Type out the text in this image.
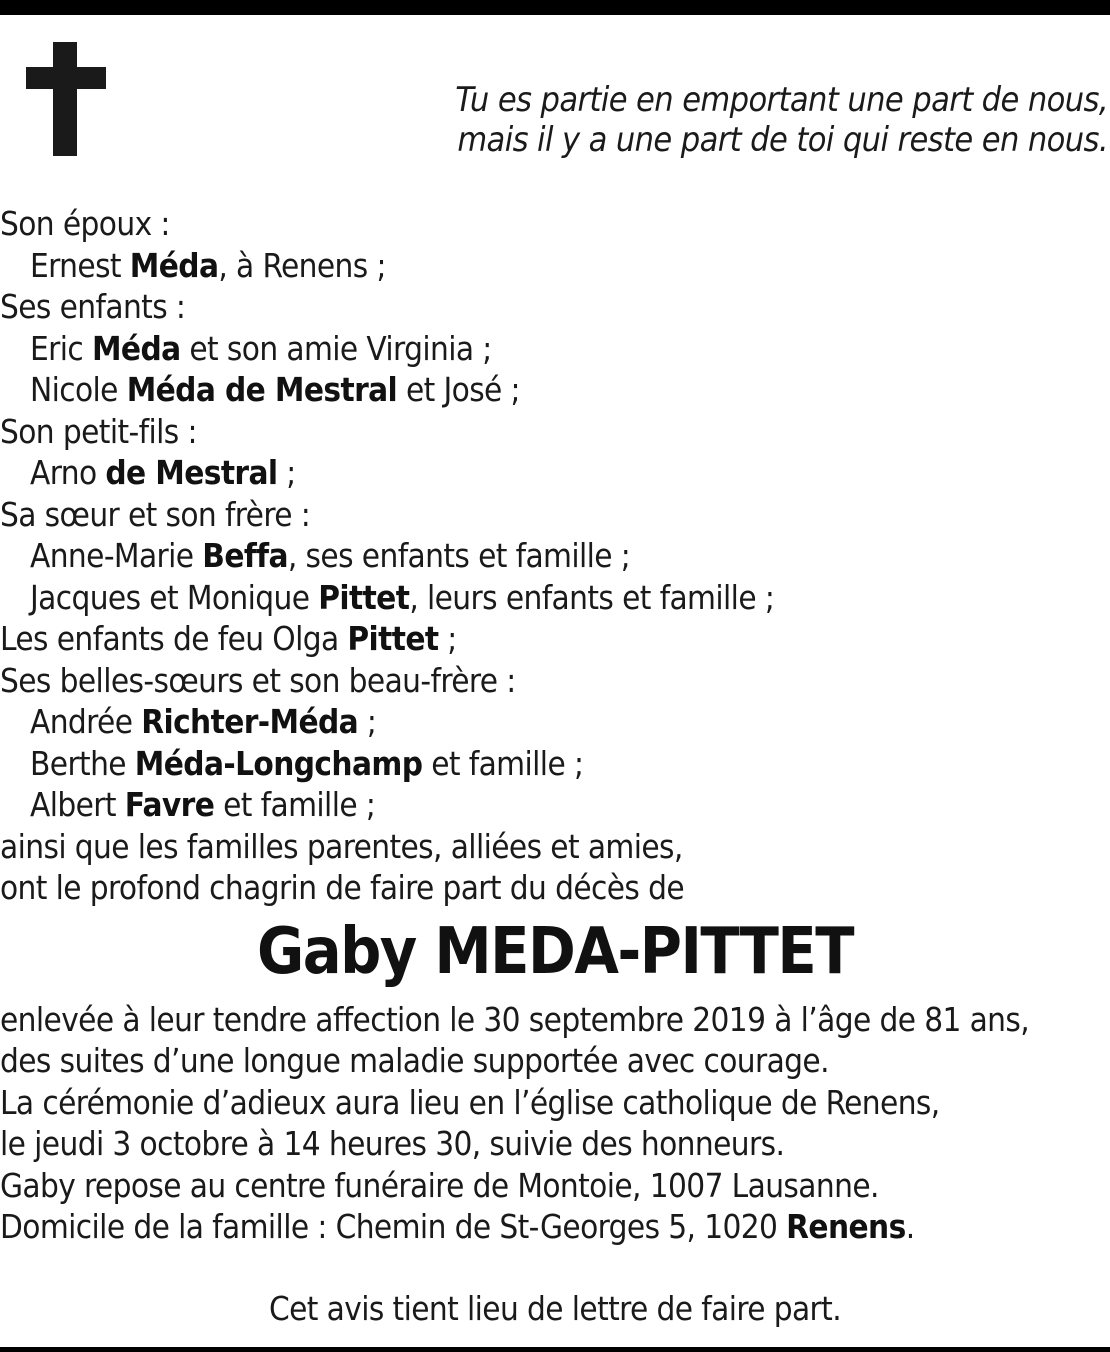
Tu es partie en emportant une part de nous,
mais il y a une part de toi qui reste en nous.
Son époux :
Ernest Méda, à Renens ;
Ses enfants :
Eric Méda et son amie Virginia ;
Nicole Méda de Mestral et José ;
Son petit-fils :
Arno de Mestral ;
Sa sœur et son frère :
Anne-Marie Beffa, ses enfants et famille ;
Jacques et Monique Pittet, leurs enfants et famille ;
Les enfants de feu Olga Pittet ;
Ses belles-sœurs et son beau-frère :
Andrée Richter-Méda ;
Berthe Méda-Longchamp et famille ;
Albert Favre et famille ;
ainsi que les familles parentes, alliées et amies,
ont le profond chagrin de faire part du décès de
Gaby MEDA-PITTET
enlevée à leur tendre affection le 30 septembre 2019 à l’âge de 81 ans,
des suites d’une longue maladie supportée avec courage.
La cérémonie d’adieux aura lieu en l’église catholique de Renens,
le jeudi 3 octobre à 14 heures 30, suivie des honneurs.
Gaby repose au centre funéraire de Montoie, 1007 Lausanne.
Domicile de la famille : Chemin de St-Georges 5, 1020 Renens.
Cet avis tient lieu de lettre de faire part.
